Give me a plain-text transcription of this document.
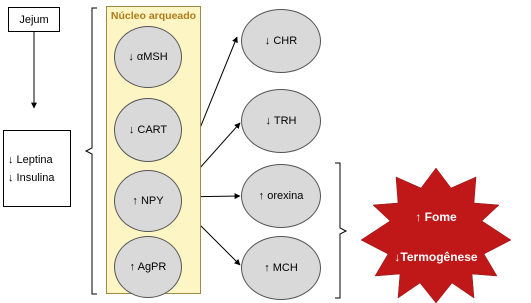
Jejum
↓ Leptina
↓ Insulina
Núcleo arqueado
↓ αMSH
↓ CART
↑ NPY
↑ AgPR
↓ CHR
↓ TRH
↑ orexina
↑ MCH
↑ Fome
↓Termogênese
